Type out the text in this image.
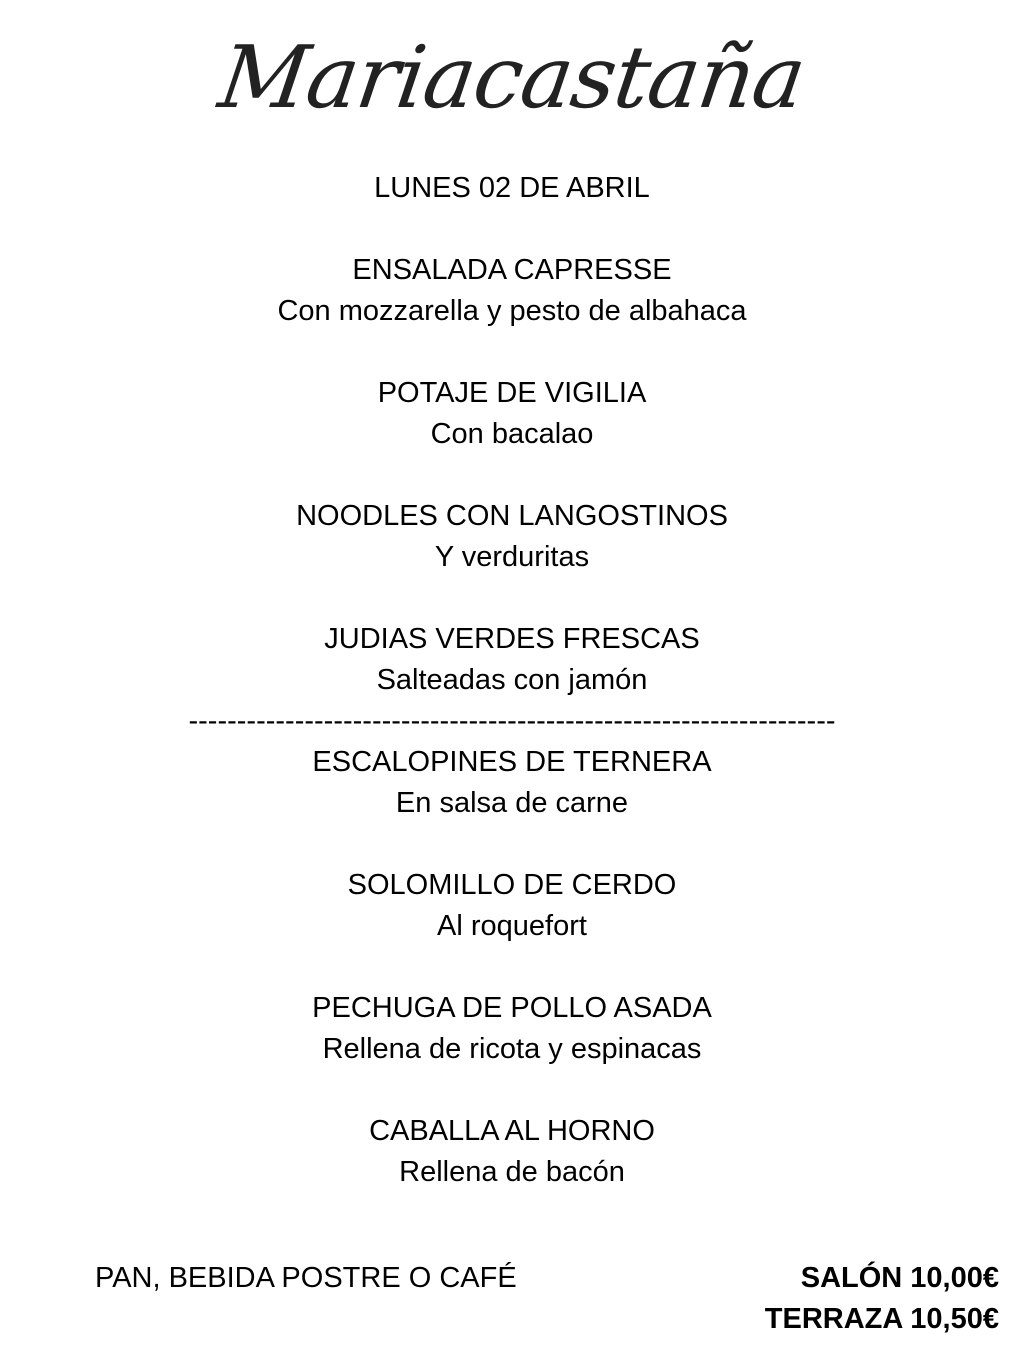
Mariacastaña
LUNES 02 DE ABRIL
ENSALADA CAPRESSE
Con mozzarella y pesto de albahaca
POTAJE DE VIGILIA
Con bacalao
NOODLES CON LANGOSTINOS
Y verduritas
JUDIAS VERDES FRESCAS
Salteadas con jamón
-------------------------------------------------------------------
ESCALOPINES DE TERNERA
En salsa de carne
SOLOMILLO DE CERDO
Al roquefort
PECHUGA DE POLLO ASADA
Rellena de ricota y espinacas
CABALLA AL HORNO
Rellena de bacón
PAN, BEBIDA POSTRE O CAFÉ	SALÓN 10,00€
TERRAZA 10,50€
